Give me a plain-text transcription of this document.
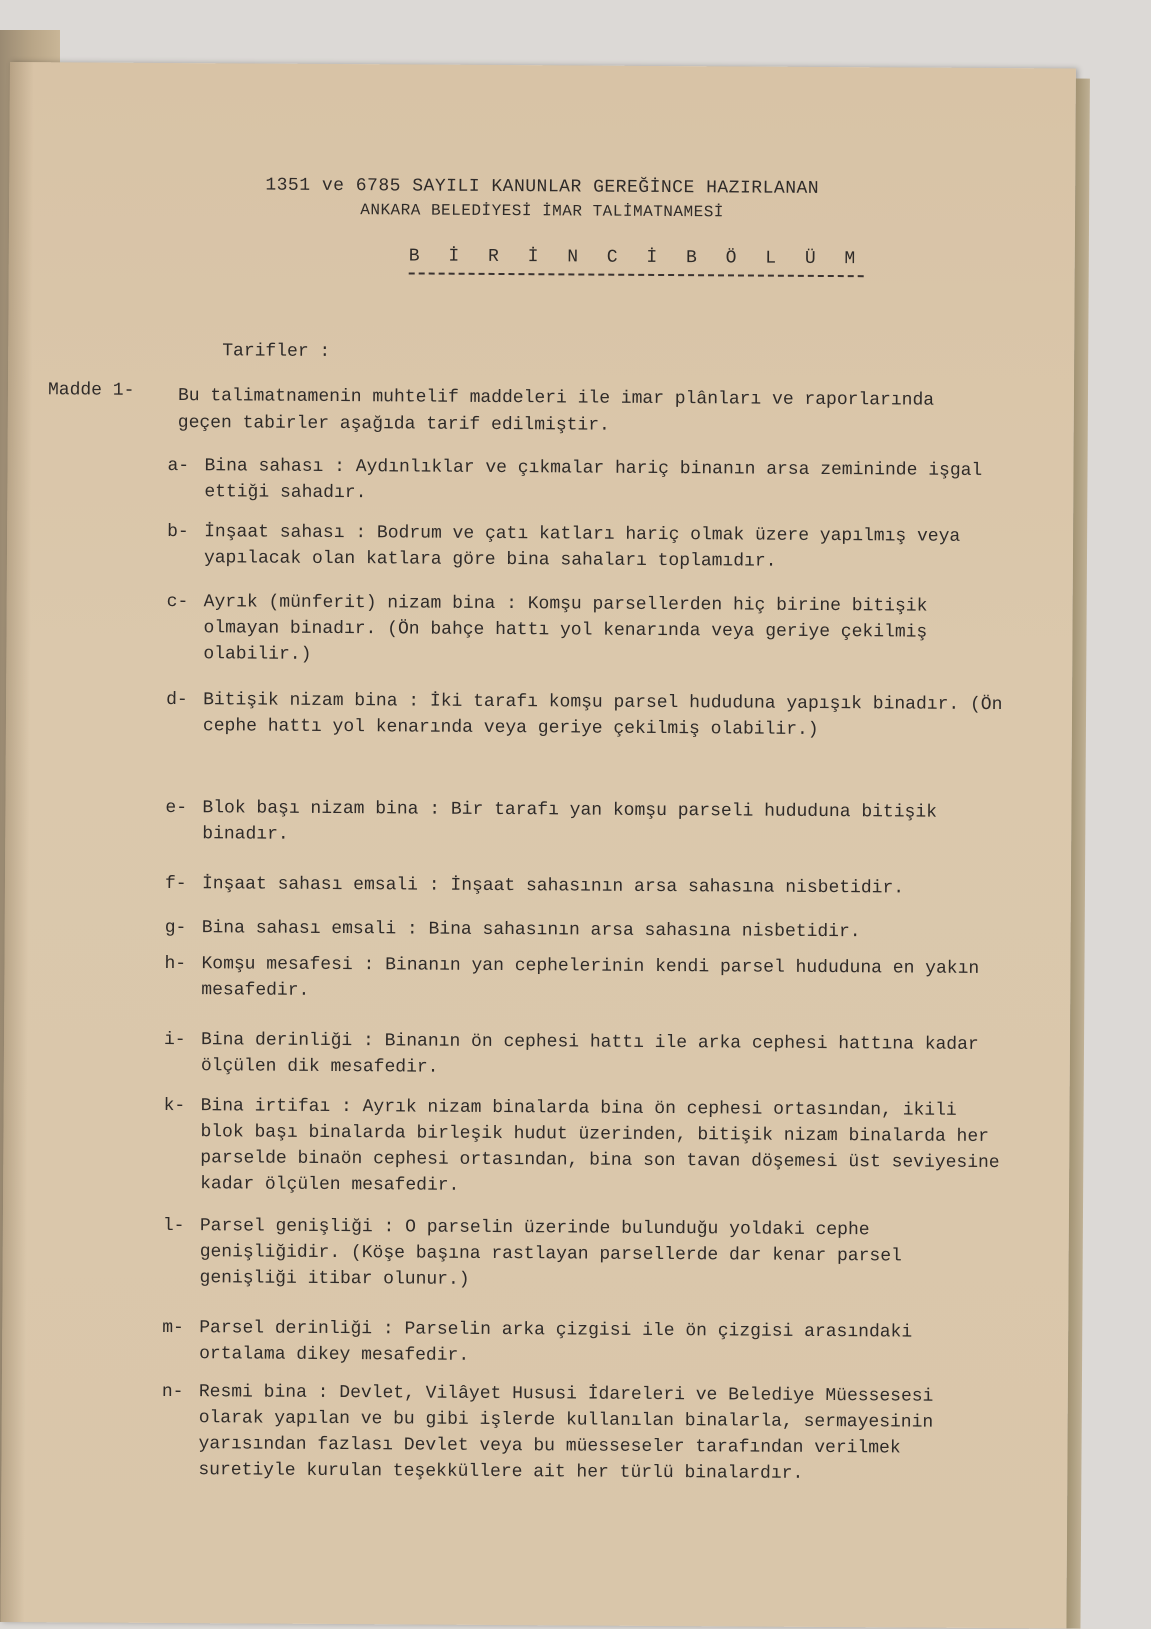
1351 ve 6785 SAYILI KANUNLAR GEREĞİNCE HAZIRLANAN
ANKARA BELEDİYESİ İMAR TALİMATNAMESİ
B İ R İ N C İ B Ö L Ü M
Tarifler :
Madde 1- Bu talimatnamenin muhtelif maddeleri ile imar plânları ve raporlarında geçen tabirler aşağıda tarif edilmiştir.
a- Bina sahası : Aydınlıklar ve çıkmalar hariç binanın arsa zemininde işgal ettiği sahadır.
b- İnşaat sahası : Bodrum ve çatı katları hariç olmak üzere yapılmış veya yapılacak olan katlara göre bina sahaları toplamıdır.
c- Ayrık (münferit) nizam bina : Komşu parsellerden hiç birine bitişik olmayan binadır. (Ön bahçe hattı yol kenarında veya geriye çekilmiş olabilir.)
d- Bitişik nizam bina : İki tarafı komşu parsel hududuna yapışık binadır. (Ön cephe hattı yol kenarında veya geriye çekilmiş olabilir.)
e- Blok başı nizam bina : Bir tarafı yan komşu parseli hududuna bitişik binadır.
f- İnşaat sahası emsali : İnşaat sahasının arsa sahasına nisbetidir.
g- Bina sahası emsali : Bina sahasının arsa sahasına nisbetidir.
h- Komşu mesafesi : Binanın yan cephelerinin kendi parsel hududuna en yakın mesafedir.
i- Bina derinliği : Binanın ön cephesi hattı ile arka cephesi hattına kadar ölçülen dik mesafedir.
k- Bina irtifaı : Ayrık nizam binalarda bina ön cephesi ortasından, ikili blok başı binalarda birleşik hudut üzerinden, bitişik nizam binalarda her parselde binaön cephesi ortasından, bina son tavan döşemesi üst seviyesine kadar ölçülen mesafedir.
l- Parsel genişliği : O parselin üzerinde bulunduğu yoldaki cephe genişliğidir. (Köşe başına rastlayan parsellerde dar kenar parsel genişliği itibar olunur.)
m- Parsel derinliği : Parselin arka çizgisi ile ön çizgisi arasındaki ortalama dikey mesafedir.
n- Resmi bina : Devlet, Vilâyet Hususi İdareleri ve Belediye Müessesesi olarak yapılan ve bu gibi işlerde kullanılan binalarla, sermayesinin yarısından fazlası Devlet veya bu müesseseler tarafından verilmek suretiyle kurulan teşekküllere ait her türlü binalardır.
